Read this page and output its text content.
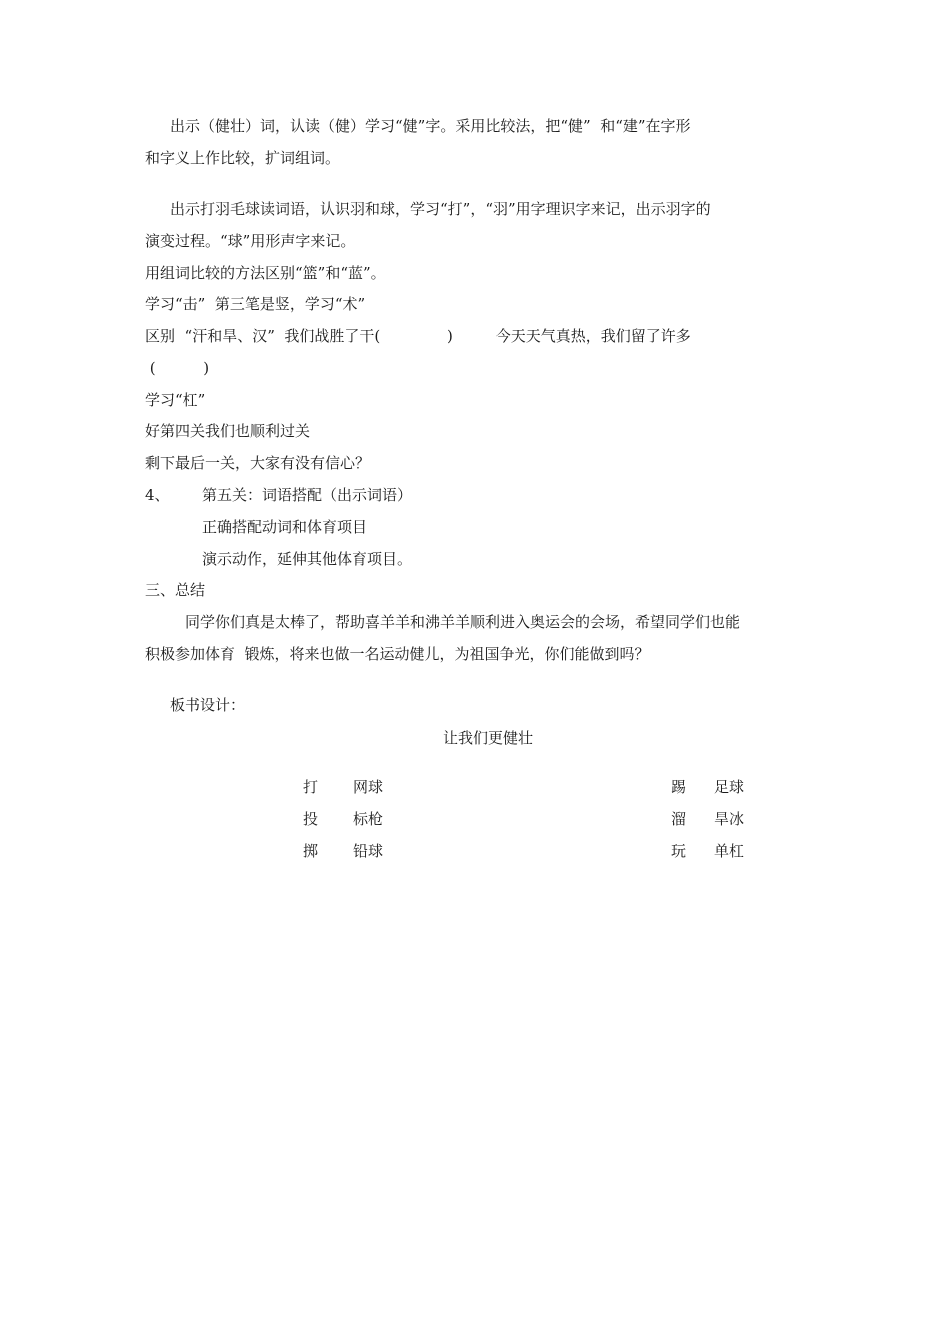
出示（健壮）词，认读（健）学习“健”字。采用比较法，把“健”  和“建”在字形
和字义上作比较，扩词组词。
出示打羽毛球读词语，认识羽和球，学习“打”，“羽”用字理识字来记，出示羽字的
演变过程。“球”用形声字来记。
用组词比较的方法区别“篮”和“蓝”。
学习“击”  第三笔是竖，学习“术”
区别  “汗和旱、汉”  我们战胜了干(              )         今天天气真热，我们留了许多
(          )
学习“杠”
好第四关我们也顺利过关
剩下最后一关，大家有没有信心？
4、 第五关：词语搭配（出示词语）
正确搭配动词和体育项目
演示动作，延伸其他体育项目。
三、总结
同学你们真是太棒了，帮助喜羊羊和沸羊羊顺利进入奥运会的会场，希望同学们也能
积极参加体育  锻炼，将来也做一名运动健儿，为祖国争光，你们能做到吗？
板书设计：
让我们更健壮
打 网球
投 标枪
掷 铅球
踢 足球
溜 旱冰
玩 单杠
